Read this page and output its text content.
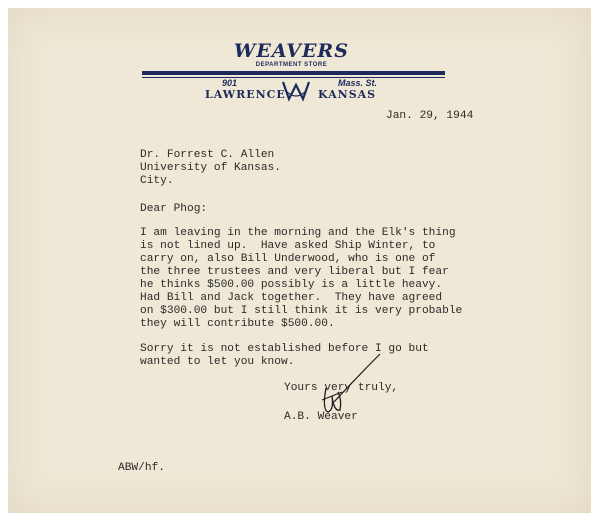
WEAVERS
DEPARTMENT STORE
901	Mass. St.
LAWRENCE	KANSAS
Jan. 29, 1944
Dr. Forrest C. Allen
University of Kansas.
City.
Dear Phog:
I am leaving in the morning and the Elk's thing
is not lined up.  Have asked Ship Winter, to
carry on, also Bill Underwood, who is one of
the three trustees and very liberal but I fear
he thinks $500.00 possibly is a little heavy.
Had Bill and Jack together.  They have agreed
on $300.00 but I still think it is very probable
they will contribute $500.00.
Sorry it is not established before I go but
wanted to let you know.
Yours very truly,
A.B. Weaver
ABW/hf.
